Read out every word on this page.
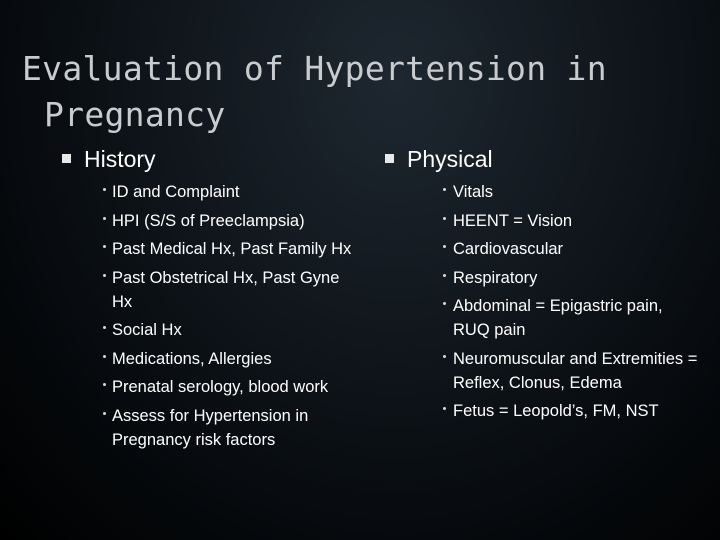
Evaluation of Hypertension in
Pregnancy
History
ID and Complaint
HPI (S/S of Preeclampsia)
Past Medical Hx, Past Family Hx
Past Obstetrical Hx, Past Gyne Hx
Social Hx
Medications, Allergies
Prenatal serology, blood work
Assess for Hypertension in Pregnancy risk factors
Physical
Vitals
HEENT = Vision
Cardiovascular
Respiratory
Abdominal = Epigastric pain, RUQ pain
Neuromuscular and Extremities = Reflex, Clonus, Edema
Fetus = Leopold’s, FM, NST
